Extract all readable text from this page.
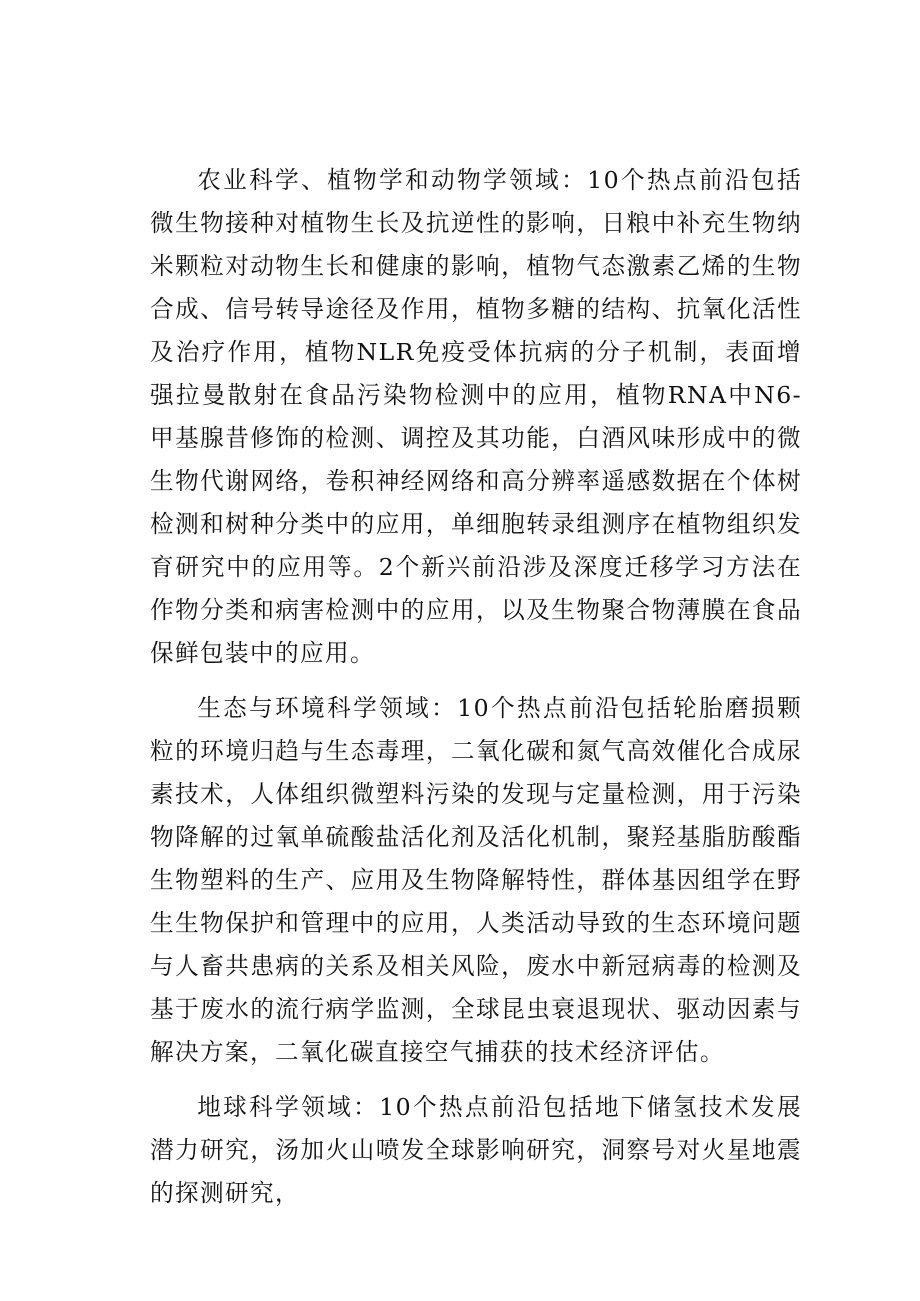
农业科学、植物学和动物学领域：10个热点前沿包括微生物接种对植物生长及抗逆性的影响，日粮中补充生物纳米颗粒对动物生长和健康的影响，植物气态激素乙烯的生物合成、信号转导途径及作用，植物多糖的结构、抗氧化活性及治疗作用，植物NLR免疫受体抗病的分子机制，表面增强拉曼散射在食品污染物检测中的应用，植物RNA中N6-甲基腺昔修饰的检测、调控及其功能，白酒风味形成中的微生物代谢网络，卷积神经网络和高分辨率遥感数据在个体树检测和树种分类中的应用，单细胞转录组测序在植物组织发育研究中的应用等。2个新兴前沿涉及深度迁移学习方法在作物分类和病害检测中的应用，以及生物聚合物薄膜在食品保鲜包装中的应用。

生态与环境科学领域：10个热点前沿包括轮胎磨损颗粒的环境归趋与生态毒理，二氧化碳和氮气高效催化合成尿素技术，人体组织微塑料污染的发现与定量检测，用于污染物降解的过氧单硫酸盐活化剂及活化机制，聚羟基脂肪酸酯生物塑料的生产、应用及生物降解特性，群体基因组学在野生生物保护和管理中的应用，人类活动导致的生态环境问题与人畜共患病的关系及相关风险，废水中新冠病毒的检测及基于废水的流行病学监测，全球昆虫衰退现状、驱动因素与解决方案，二氧化碳直接空气捕获的技术经济评估。

地球科学领域：10个热点前沿包括地下储氢技术发展潜力研究，汤加火山喷发全球影响研究，洞察号对火星地震的探测研究，
